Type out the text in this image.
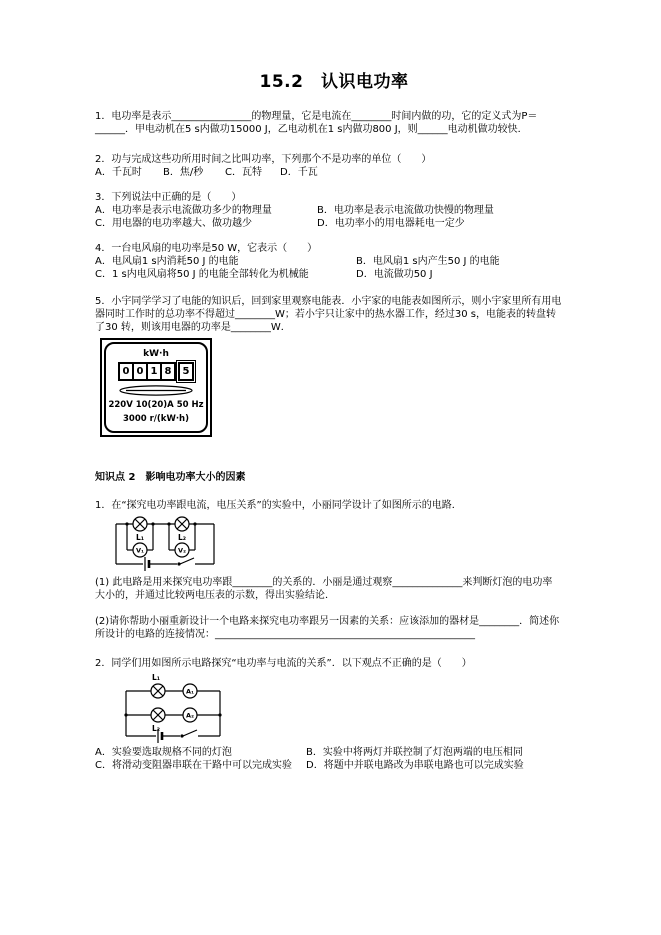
15.2　认识电功率
1．电功率是表示________________的物理量，它是电流在________时间内做的功，它的定义式为P＝
______．甲电动机在5 s内做功15000 J，乙电动机在1 s内做功800 J，则______电动机做功较快．
2．功与完成这些功所用时间之比叫功率，下列那个不是功率的单位（　　）
A．千瓦时	B．焦/秒	C．瓦特	D．千瓦
3．下列说法中正确的是（　　）
A．电功率是表示电流做功多少的物理量	B．电功率是表示电流做功快慢的物理量
C．用电器的电功率越大、做功越少	D．电功率小的用电器耗电一定少
4．一台电风扇的电功率是50 W，它表示（　　）
A．电风扇1 s内消耗50 J 的电能	B．电风扇1 s内产生50 J 的电能
C．1 s内电风扇将50 J 的电能全部转化为机械能	D．电流做功50 J
5．小宇同学学习了电能的知识后，回到家里观察电能表．小宇家的电能表如图所示，则小宇家里所有用电
器同时工作时的总功率不得超过________W；若小宇只让家中的热水器工作，经过30 s，电能表的转盘转
了30 转，则该用电器的功率是________W．
kW·h
0 0 1 8	5
220V 10(20)A 50 Hz
3000 r/(kW·h)
知识点 2　影响电功率大小的因素
1．在“探究电功率跟电流，电压关系”的实验中，小丽同学设计了如图所示的电路．
V₁	V₂
L₁	L₂
(1) 此电路是用来探究电功率跟________的关系的．小丽是通过观察______________来判断灯泡的电功率
大小的，并通过比较两电压表的示数，得出实验结论．
(2)请你帮助小丽重新设计一个电路来探究电功率跟另一因素的关系：应该添加的器材是________．简述你
所设计的电路的连接情况：____________________________________________________
2．同学们用如图所示电路探究“电功率与电流的关系”．以下观点不正确的是（　　）
A₁
L₁
A₂
L₂
A．实验要选取规格不同的灯泡	B．实验中将两灯并联控制了灯泡两端的电压相同
C．将滑动变阻器串联在干路中可以完成实验	D．将题中并联电路改为串联电路也可以完成实验
